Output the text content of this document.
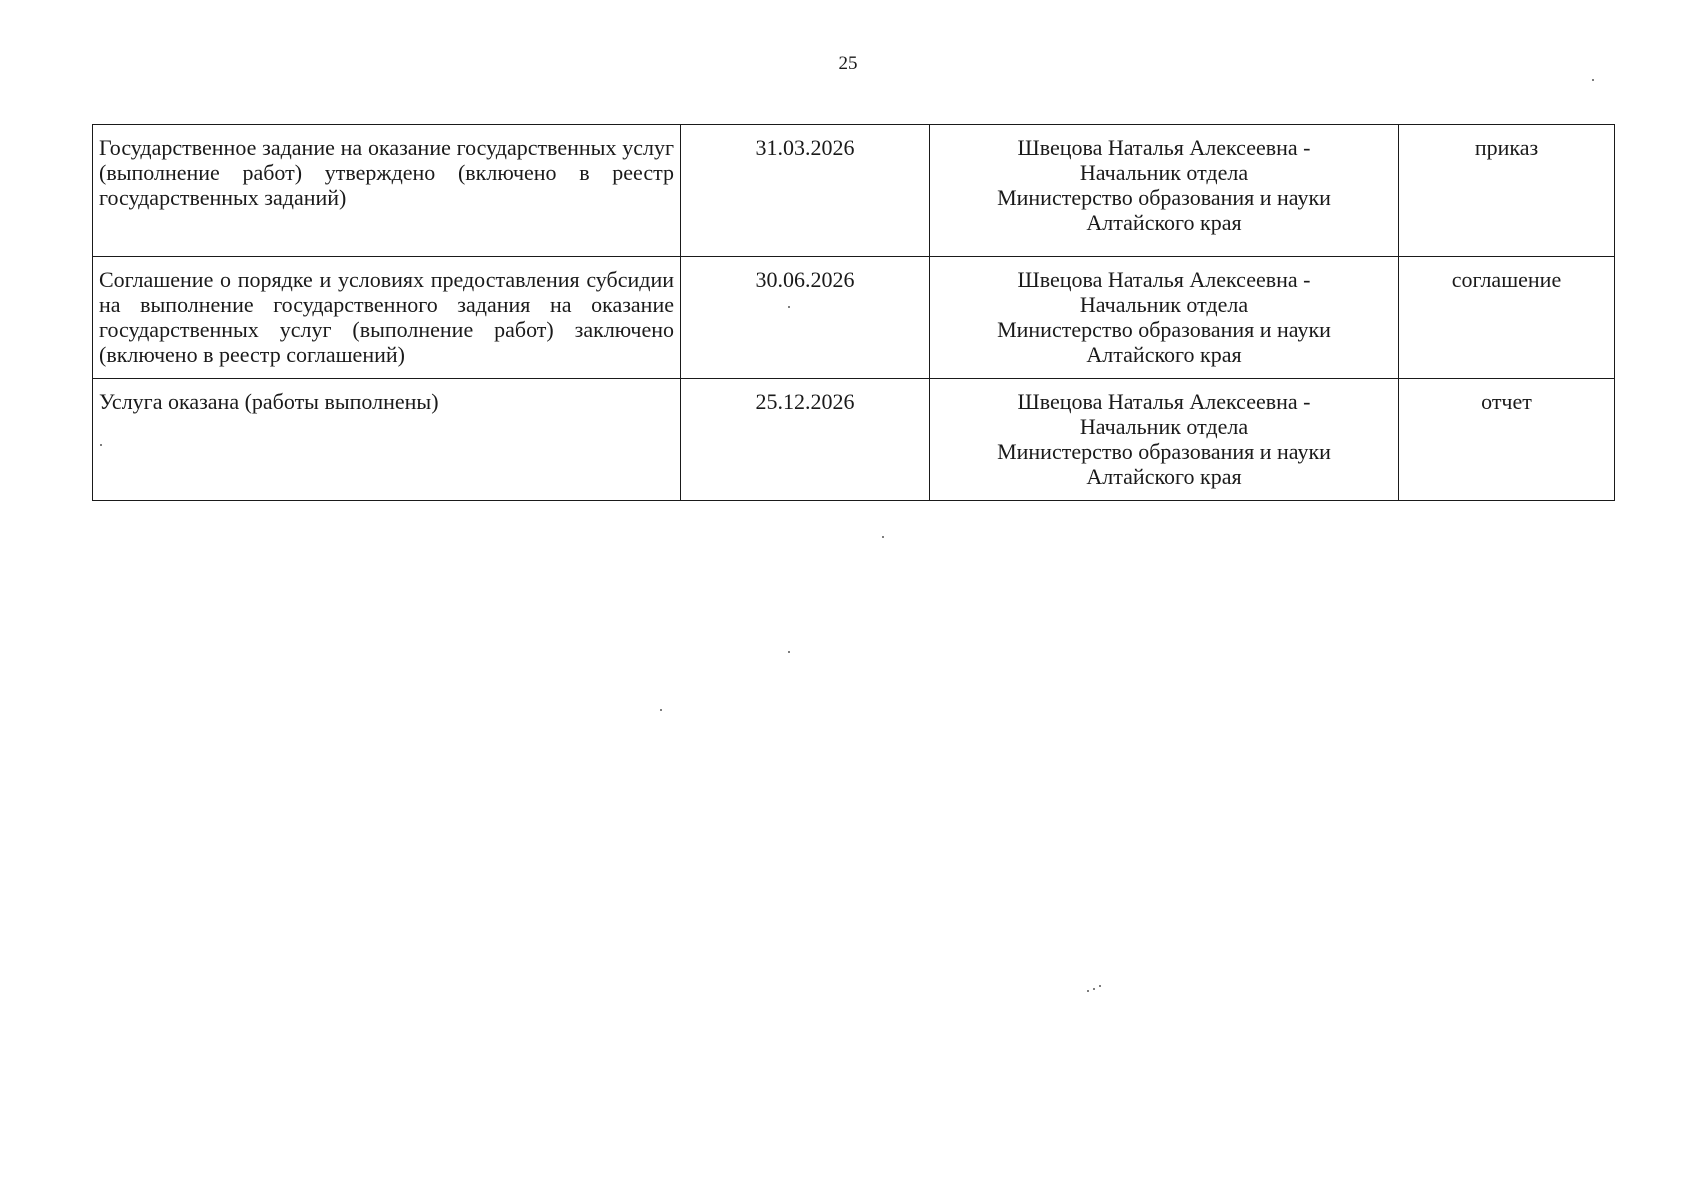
25
Государственное задание на оказание государственных услуг (выполнение работ) утверждено (включено в реестр государственных заданий)	31.03.2026	Швецова Наталья Алексеевна -
Начальник отдела
Министерство образования и науки
Алтайского края	приказ
Соглашение о порядке и условиях предоставления субсидии на выполнение государственного задания на оказание государственных услуг (выполнение работ) заключено (включено в реестр соглашений)	30.06.2026	Швецова Наталья Алексеевна -
Начальник отдела
Министерство образования и науки
Алтайского края	соглашение
Услуга оказана (работы выполнены)	25.12.2026	Швецова Наталья Алексеевна -
Начальник отдела
Министерство образования и науки
Алтайского края	отчет
